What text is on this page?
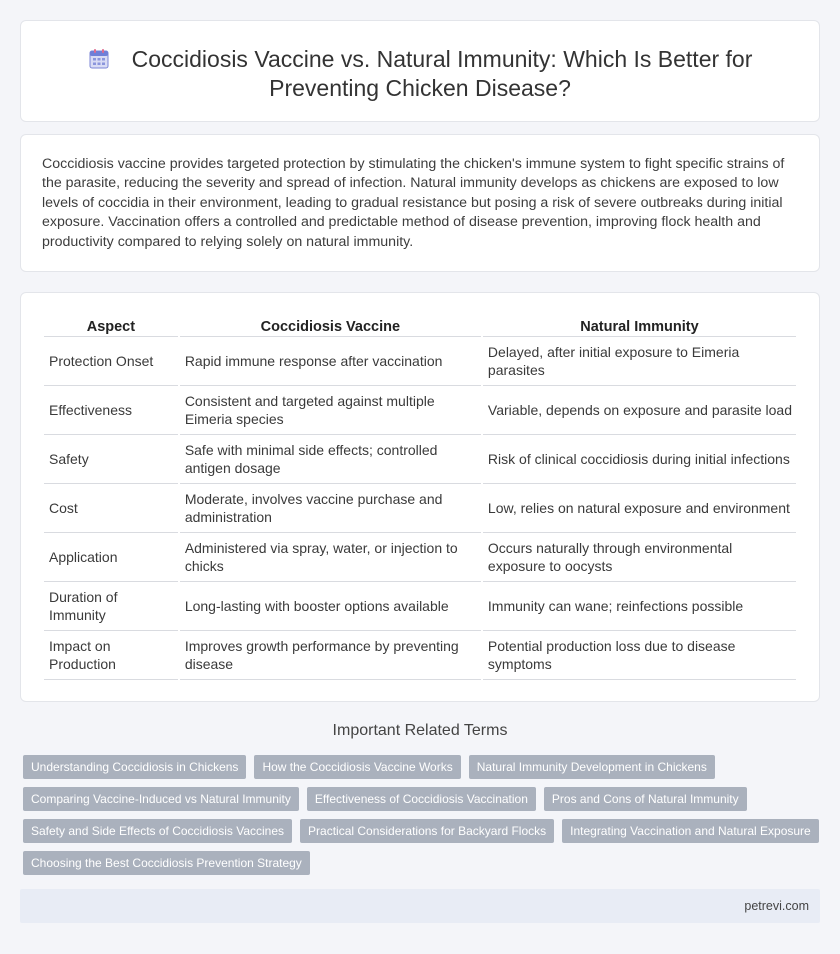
Coccidiosis Vaccine vs. Natural Immunity: Which Is Better for
Preventing Chicken Disease?

Coccidiosis vaccine provides targeted protection by stimulating the chicken's immune system to fight specific strains of the parasite, reducing the severity and spread of infection. Natural immunity develops as chickens are exposed to low levels of coccidia in their environment, leading to gradual resistance but posing a risk of severe outbreaks during initial exposure. Vaccination offers a controlled and predictable method of disease prevention, improving flock health and productivity compared to relying solely on natural immunity.

Aspect	Coccidiosis Vaccine	Natural Immunity
Protection Onset	Rapid immune response after vaccination	Delayed, after initial exposure to Eimeria parasites
Effectiveness	Consistent and targeted against multiple Eimeria species	Variable, depends on exposure and parasite load
Safety	Safe with minimal side effects; controlled antigen dosage	Risk of clinical coccidiosis during initial infections
Cost	Moderate, involves vaccine purchase and administration	Low, relies on natural exposure and environment
Application	Administered via spray, water, or injection to chicks	Occurs naturally through environmental exposure to oocysts
Duration of Immunity	Long-lasting with booster options available	Immunity can wane; reinfections possible
Impact on Production	Improves growth performance by preventing disease	Potential production loss due to disease symptoms
Important Related Terms
Understanding Coccidiosis in Chickens	How the Coccidiosis Vaccine Works	Natural Immunity Development in Chickens
Comparing Vaccine-Induced vs Natural Immunity	Effectiveness of Coccidiosis Vaccination	Pros and Cons of Natural Immunity
Safety and Side Effects of Coccidiosis Vaccines	Practical Considerations for Backyard Flocks	Integrating Vaccination and Natural Exposure
Choosing the Best Coccidiosis Prevention Strategy
petrevi.com
